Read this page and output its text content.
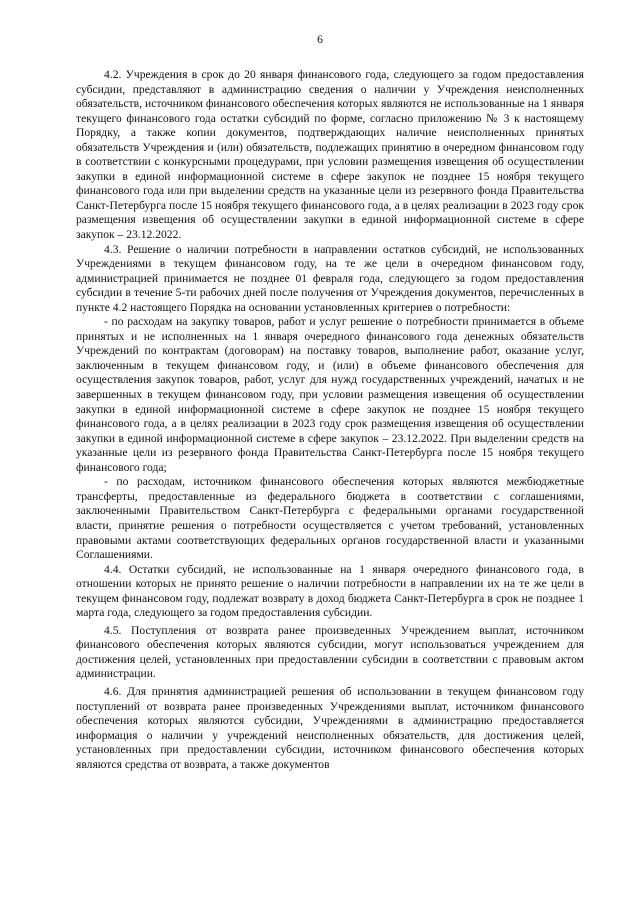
6

4.2. Учреждения в срок до 20 января финансового года, следующего за годом предоставления субсидии, представляют в администрацию сведения о наличии у Учреждения неисполненных обязательств, источником финансового обеспечения которых являются не использованные на 1 января текущего финансового года остатки субсидий по форме, согласно приложению № 3 к настоящему Порядку, а также копии документов, подтверждающих наличие неисполненных принятых обязательств Учреждения и (или) обязательств, подлежащих принятию в очередном финансовом году в соответствии с конкурсными процедурами, при условии размещения извещения об осуществлении закупки в единой информационной системе в сфере закупок не позднее 15 ноября текущего финансового года или при выделении средств на указанные цели из резервного фонда Правительства Санкт-Петербурга после 15 ноября текущего финансового года, а в целях реализации в 2023 году срок размещения извещения об осуществлении закупки в единой информационной системе в сфере закупок – 23.12.2022.

4.3. Решение о наличии потребности в направлении остатков субсидий, не использованных Учреждениями в текущем финансовом году, на те же цели в очередном финансовом году, администрацией принимается не позднее 01 февраля года, следующего за годом предоставления субсидии в течение 5-ти рабочих дней после получения от Учреждения документов, перечисленных в пункте 4.2 настоящего Порядка на основании установленных критериев о потребности:

- по расходам на закупку товаров, работ и услуг решение о потребности принимается в объеме принятых и не исполненных на 1 января очередного финансового года денежных обязательств Учреждений по контрактам (договорам) на поставку товаров, выполнение работ, оказание услуг, заключенным в текущем финансовом году, и (или) в объеме финансового обеспечения для осуществления закупок товаров, работ, услуг для нужд государственных учреждений, начатых и не завершенных в текущем финансовом году, при условии размещения извещения об осуществлении закупки в единой информационной системе в сфере закупок не позднее 15 ноября текущего финансового года, а в целях реализации в 2023 году срок размещения извещения об осуществлении закупки в единой информационной системе в сфере закупок – 23.12.2022. При выделении средств на указанные цели из резервного фонда Правительства Санкт-Петербурга после 15 ноября текущего финансового года;

- по расходам, источником финансового обеспечения которых являются межбюджетные трансферты, предоставленные из федерального бюджета в соответствии с соглашениями, заключенными Правительством Санкт-Петербурга с федеральными органами государственной власти, принятие решения о потребности осуществляется с учетом требований, установленных правовыми актами соответствующих федеральных органов государственной власти и указанными Соглашениями.

4.4. Остатки субсидий, не использованные на 1 января очередного финансового года, в отношении которых не принято решение о наличии потребности в направлении их на те же цели в текущем финансовом году, подлежат возврату в доход бюджета Санкт-Петербурга в срок не позднее 1 марта года, следующего за годом предоставления субсидии.

4.5. Поступления от возврата ранее произведенных Учреждением выплат, источником финансового обеспечения которых являются субсидии, могут использоваться учреждением для достижения целей, установленных при предоставлении субсидии в соответствии с правовым актом администрации.

4.6. Для принятия администрацией решения об использовании в текущем финансовом году поступлений от возврата ранее произведенных Учреждениями выплат, источником финансового обеспечения которых являются субсидии, Учреждениями в администрацию предоставляется информация о наличии у учреждений неисполненных обязательств, для достижения целей, установленных при предоставлении субсидии, источником финансового обеспечения которых являются средства от возврата, а также документов
